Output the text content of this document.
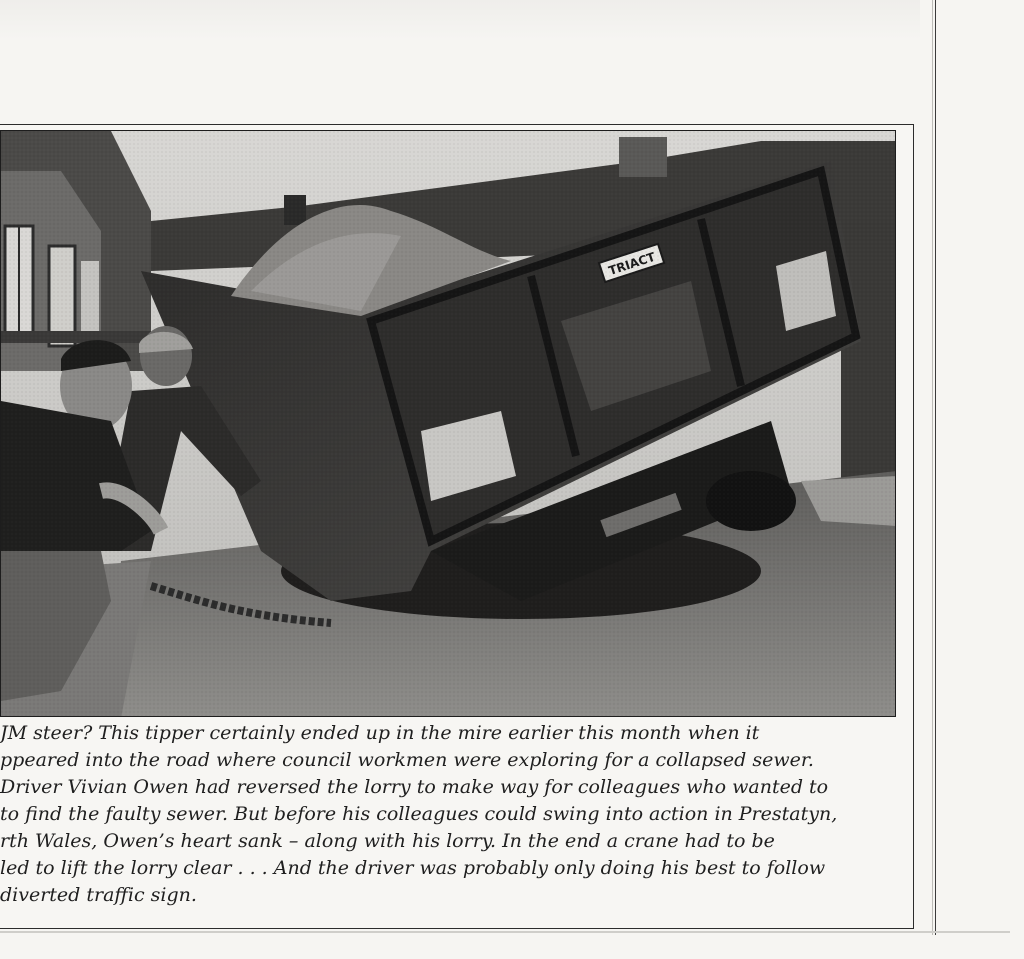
JM steer? This tipper certainly ended up in the mire earlier this month when it
ppeared into the road where council workmen were exploring for a collapsed sewer.
Driver Vivian Owen had reversed the lorry to make way for colleagues who wanted to
to find the faulty sewer. But before his colleagues could swing into action in Prestatyn,
rth Wales, Owen’s heart sank – along with his lorry. In the end a crane had to be
led to lift the lorry clear . . . And the driver was probably only doing his best to follow
diverted traffic sign.
